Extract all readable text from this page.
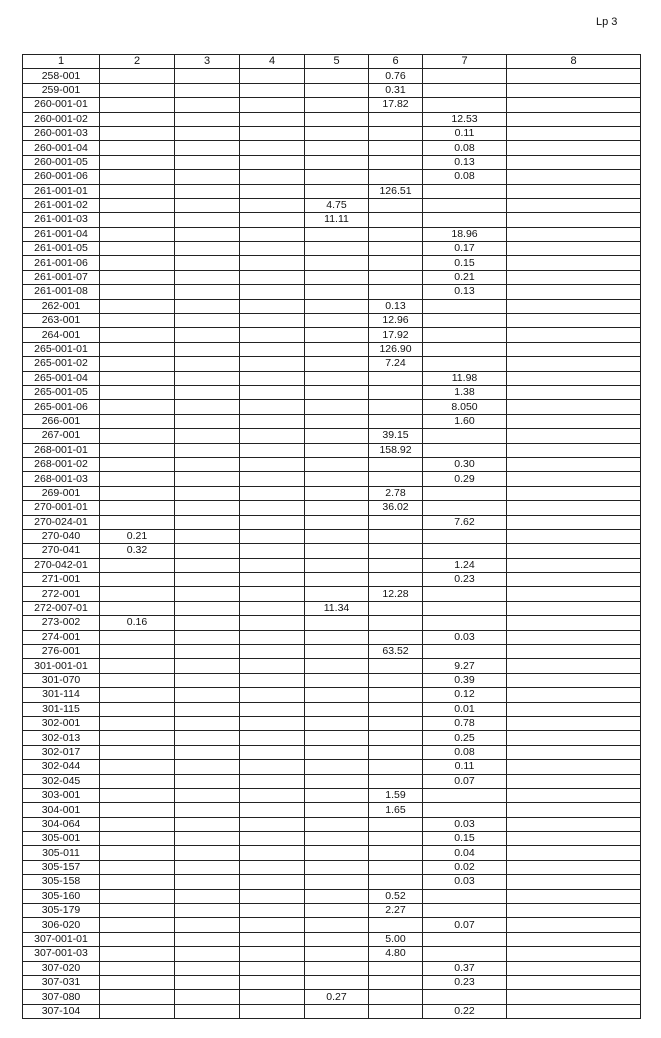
Lp 3
1	2	3	4	5	6	7	8
258-001					0.76		
259-001					0.31		
260-001-01					17.82		
260-001-02						12.53	
260-001-03						0.11	
260-001-04						0.08	
260-001-05						0.13	
260-001-06						0.08	
261-001-01					126.51		
261-001-02				4.75			
261-001-03				11.11			
261-001-04						18.96	
261-001-05						0.17	
261-001-06						0.15	
261-001-07						0.21	
261-001-08						0.13	
262-001					0.13		
263-001					12.96		
264-001					17.92		
265-001-01					126.90		
265-001-02					7.24		
265-001-04						11.98	
265-001-05						1.38	
265-001-06						8.050	
266-001						1.60	
267-001					39.15		
268-001-01					158.92		
268-001-02						0.30	
268-001-03						0.29	
269-001					2.78		
270-001-01					36.02		
270-024-01						7.62	
270-040	0.21						
270-041	0.32						
270-042-01						1.24	
271-001						0.23	
272-001					12.28		
272-007-01				11.34			
273-002	0.16						
274-001						0.03	
276-001					63.52		
301-001-01						9.27	
301-070						0.39	
301-114						0.12	
301-115						0.01	
302-001						0.78	
302-013						0.25	
302-017						0.08	
302-044						0.11	
302-045						0.07	
303-001					1.59		
304-001					1.65		
304-064						0.03	
305-001						0.15	
305-011						0.04	
305-157						0.02	
305-158						0.03	
305-160					0.52		
305-179					2.27		
306-020						0.07	
307-001-01					5.00		
307-001-03					4.80		
307-020						0.37	
307-031						0.23	
307-080				0.27			
307-104						0.22	
